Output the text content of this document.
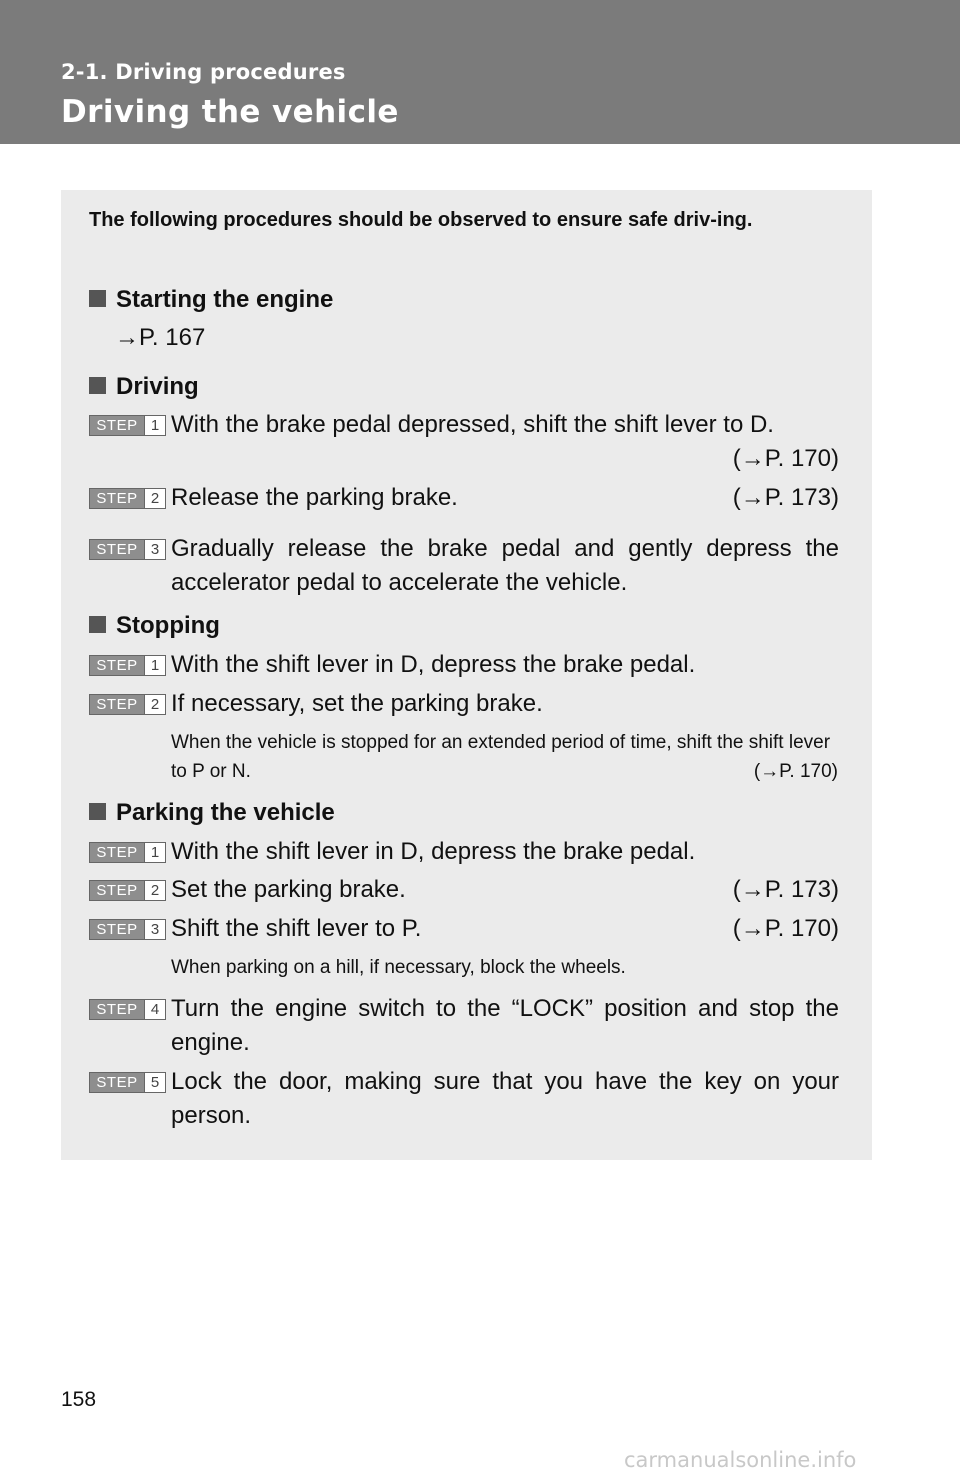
2-1. Driving procedures
Driving the vehicle
The following procedures should be observed to ensure safe driv-ing.
Starting the engine
→P. 167
Driving
STEP 1 With the brake pedal depressed, shift the shift lever to D.
(→P. 170)
STEP 2 Release the parking brake.	(→P. 173)
STEP 3 Gradually release the brake pedal and gently depress the accelerator pedal to accelerate the vehicle.
Stopping
STEP 1 With the shift lever in D, depress the brake pedal.
STEP 2 If necessary, set the parking brake.
When the vehicle is stopped for an extended period of time, shift the shift lever to P or N.	(→P. 170)
Parking the vehicle
STEP 1 With the shift lever in D, depress the brake pedal.
STEP 2 Set the parking brake.	(→P. 173)
STEP 3 Shift the shift lever to P.	(→P. 170)
When parking on a hill, if necessary, block the wheels.
STEP 4 Turn the engine switch to the “LOCK” position and stop the engine.
STEP 5 Lock the door, making sure that you have the key on your person.
158
carmanualsonline.info
